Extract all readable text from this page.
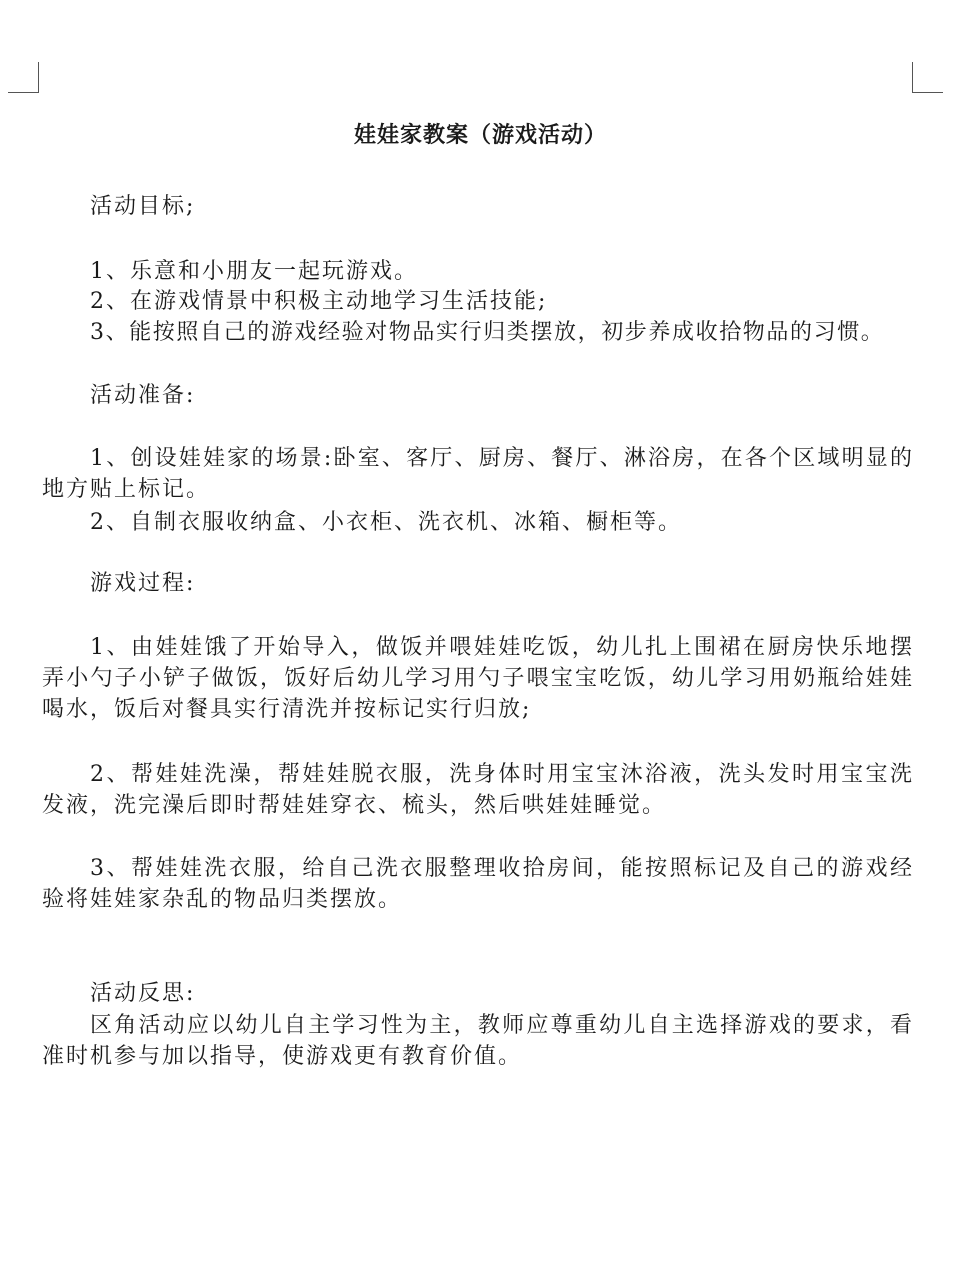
娃娃家教案（游戏活动）
活动目标;
1、乐意和小朋友一起玩游戏。
2、在游戏情景中积极主动地学习生活技能;
3、能按照自己的游戏经验对物品实行归类摆放，初步养成收拾物品的习惯。
活动准备:
1、创设娃娃家的场景:卧室、客厅、厨房、餐厅、淋浴房，在各个区域明显的地方贴上标记。
2、自制衣服收纳盒、小衣柜、洗衣机、冰箱、橱柜等。
游戏过程:
1、由娃娃饿了开始导入，做饭并喂娃娃吃饭，幼儿扎上围裙在厨房快乐地摆弄小勺子小铲子做饭，饭好后幼儿学习用勺子喂宝宝吃饭，幼儿学习用奶瓶给娃娃喝水，饭后对餐具实行清洗并按标记实行归放;
2、帮娃娃洗澡，帮娃娃脱衣服，洗身体时用宝宝沐浴液，洗头发时用宝宝洗发液，洗完澡后即时帮娃娃穿衣、梳头，然后哄娃娃睡觉。
3、帮娃娃洗衣服，给自己洗衣服整理收拾房间，能按照标记及自己的游戏经验将娃娃家杂乱的物品归类摆放。
活动反思:
区角活动应以幼儿自主学习性为主，教师应尊重幼儿自主选择游戏的要求，看准时机参与加以指导，使游戏更有教育价值。
